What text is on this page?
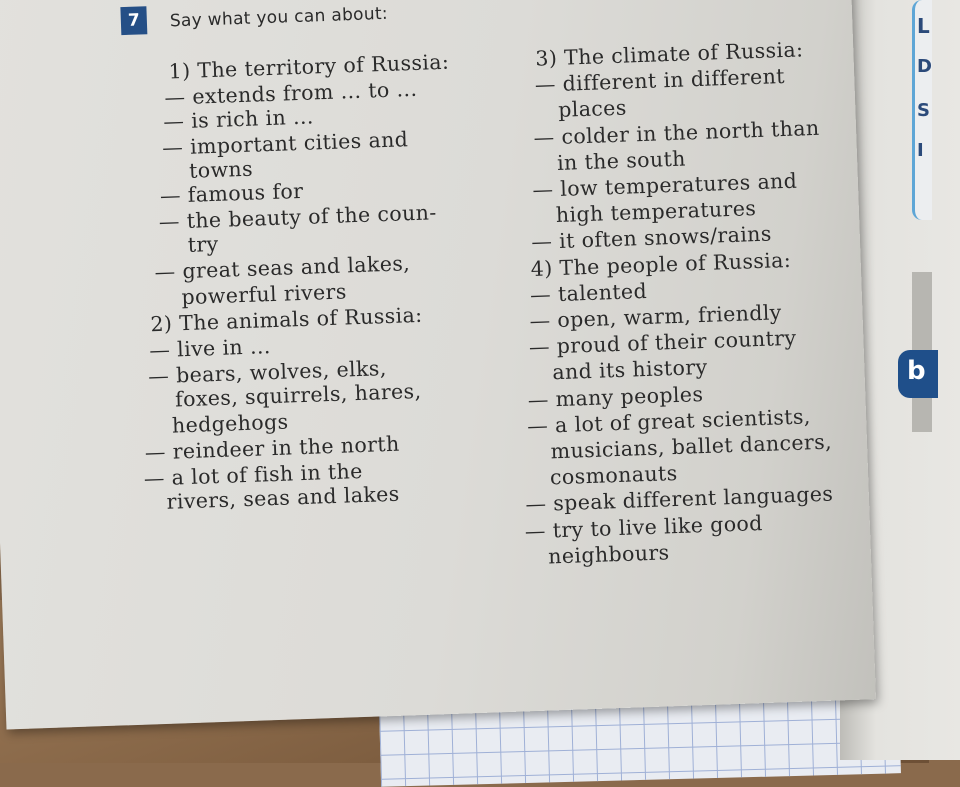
L
D
S
I
b
7	Say what you can about:
1) The territory of Russia:
— extends from ... to ...
— is rich in ...
— important cities and
towns
— famous for
— the beauty of the coun-
try
— great seas and lakes,
powerful rivers
2) The animals of Russia:
— live in ...
— bears, wolves, elks,
foxes, squirrels, hares,
hedgehogs
— reindeer in the north
— a lot of fish in the
rivers, seas and lakes
3) The climate of Russia:
— different in different
places
— colder in the north than
in the south
— low temperatures and
high temperatures
— it often snows/rains
4) The people of Russia:
— talented
— open, warm, friendly
— proud of their country
and its history
— many peoples
— a lot of great scientists,
musicians, ballet dancers,
cosmonauts
— speak different languages
— try to live like good
neighbours
